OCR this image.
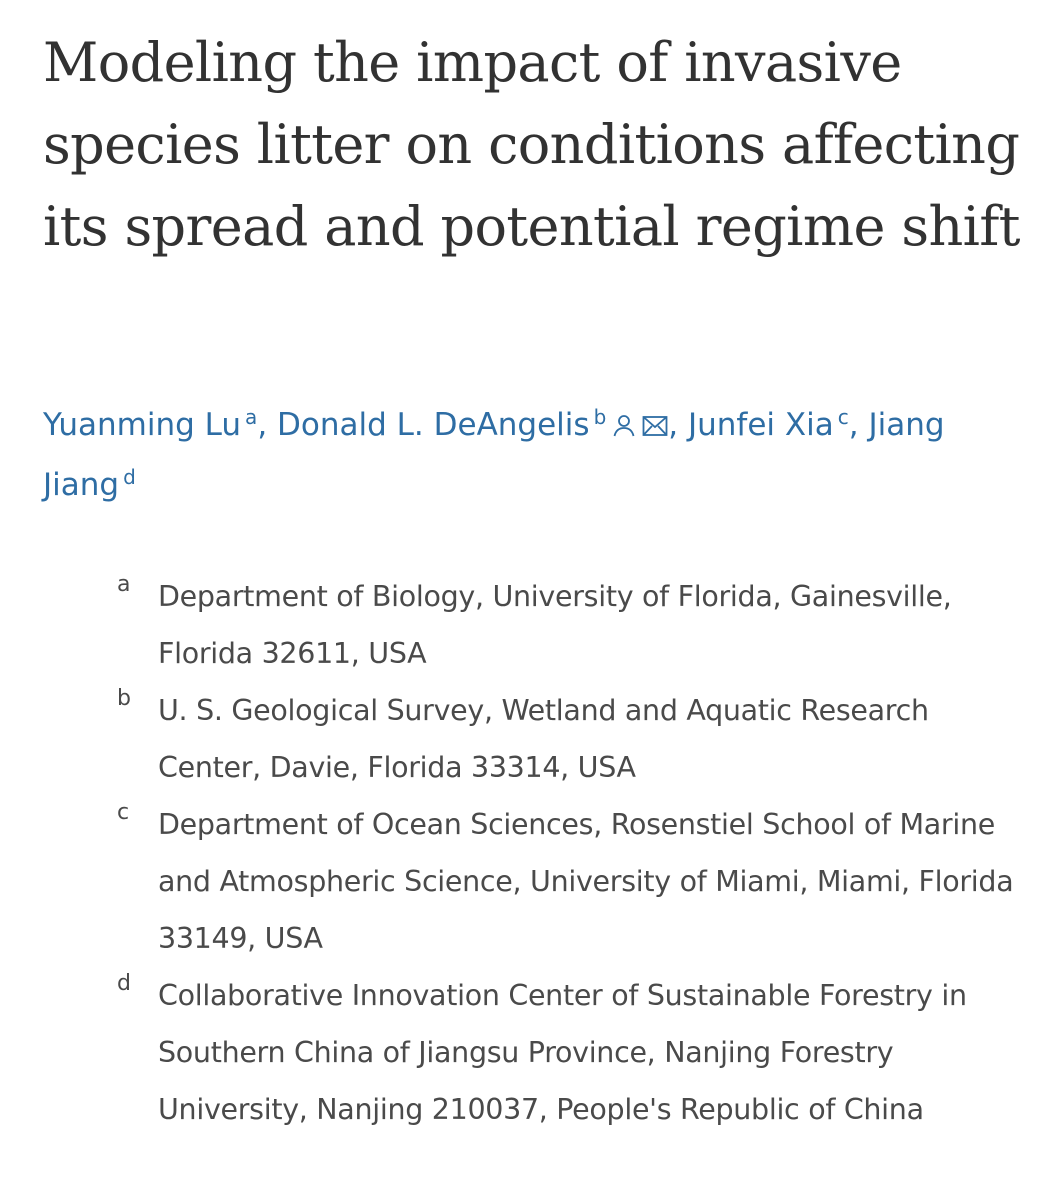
Modeling the impact of invasive species litter on conditions affecting its spread and potential regime shift
Yuanming Lu $^a$, Donald L. DeAngelis $^b$ , Junfei Xia $^c$, Jiang Jiang $^d$
a Department of Biology, University of Florida, Gainesville, Florida 32611, USA
b U. S. Geological Survey, Wetland and Aquatic Research Center, Davie, Florida 33314, USA
c Department of Ocean Sciences, Rosenstiel School of Marine and Atmospheric Science, University of Miami, Miami, Florida 33149, USA
d Collaborative Innovation Center of Sustainable Forestry in Southern China of Jiangsu Province, Nanjing Forestry University, Nanjing 210037, People's Republic of China
